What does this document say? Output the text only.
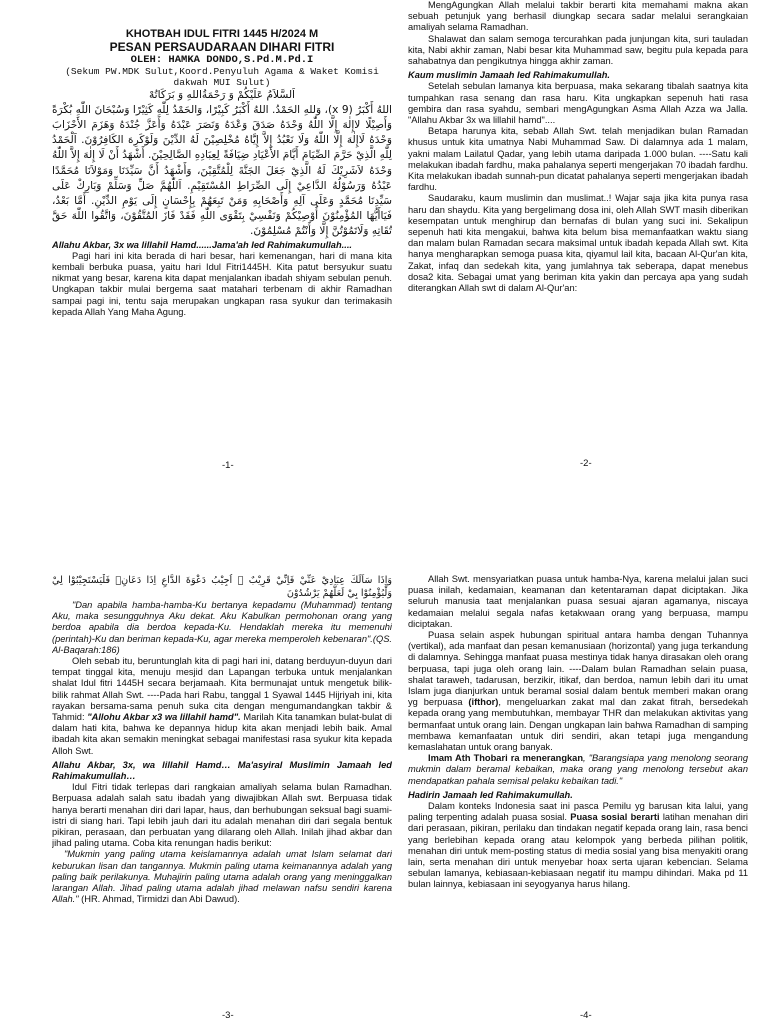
KHOTBAH IDUL FITRI 1445 H/2024 M
PESAN PERSAUDARAAN DIHARI FITRI
OLEH: HAMKA DONDO,S.Pd.M.Pd.I
(Sekum PW.MDK Sulut,Koord.Penyuluh Agama & Waket Komisi dakwah MUI Sulut)

اَلسَّلاَمُ عَلَيْكُمْ وَ رَحْمَةُاللهِ وَ بَرَكَاتُهْ

اللهُ أَكْبَرُ (9 x)، وَللهِ الحَمْدُ. اللهُ أَكْبَرُ كَبِيْرًا، وَالحَمْدُ لِلّٰهِ كَثِيْرًا وَسُبْحَانَ اللّٰهِ بُكْرَةً وَأَصِيْلًا لاإِلٰهَ إِلَّا اللّٰهُ وَحْدَهُ صَدَقَ وَعْدَهُ وَنَصَرَ عَبْدَهُ وَأَعَزَّ جُنْدَهُ وَهَزَمَ الأَحْزَابَ وَحْدَهُ لَاإِلٰهَ إِلَّا اللّٰهُ وَلَا نَعْبُدُ إِلاَّ إِيَّاهُ مُخْلِصِيْنَ لَهُ الدِّيْنَ وَلَوْكَرِهَ الكَافِرُوْنَ. اَلْحَمْدُ لِلّٰهِ الَّذِيْ حَرَّمَ الصِّيَامَ أَيَّامَ الأَعْيَادِ ضِيَافَةً لِعِبَادِهِ الصَّالِحِيْنَ. أَشْهَدُ أَنْ لَا إِلٰهَ إِلاَّ اللّٰهُ وَحْدَهُ لاَشَرِيْكَ لَهُ الَّذِيْ جَعَلَ الجَنَّةَ لِلْمُتَّقِيْنَ، وَأَشْهَدُ أَنَّ سَيِّدَنَا وَمَوْلاَنَا مُحَمَّدًا عَبْدُهُ وَرَسُوْلُهُ الدَّاعِيْ إِلَى الصِّرَاطِ المُسْتَقِيْمِ. اَللّٰهُمَّ صَلِّ وَسَلِّمْ وَبَارِكْ عَلَى سَيِّدِنَا مُحَمَّدٍ وَعَلَى آلِهِ وَأَصْحَابِهِ وَمَنْ تَبِعَهُمْ بِإِحْسَانٍ إِلَى يَوْمِ الدِّيْنِ. أَمَّا بَعْدُ، فَيَاأَيُّهَا المُؤْمِنُوْنَ أُوْصِيْكُمْ وَنَفْسِيْ بِتَقْوَى اللّٰهِ فَقَدْ فَازَ المُتَّقُوْنَ، وَاتَّقُوا اللّٰهَ حَقَّ تُقَاتِهِ وَلَاتَمُوْتُنَّ إِلَّا وَأَنْتُمْ مُسْلِمُوْنَ.

Allahu Akbar, 3x wa lillahil Hamd......Jama'ah Ied Rahimakumullah....

Pagi hari ini kita berada di hari besar, hari kemenangan, hari di mana kita kembali berbuka puasa, yaitu hari Idul Fitri1445H. Kita patut bersyukur suatu nikmat yang besar, karena kita dapat menjalankan ibadah shiyam sebulan penuh. Ungkapan takbir mulai bergema saat matahari terbenam di akhir Ramadhan sampai pagi ini, tentu saja merupakan ungkapan rasa syukur dan terimakasih kepada Allah Yang Maha Agung.

-1-

MengAgungkan Allah melalui takbir berarti kita memahami makna akan sebuah petunjuk yang berhasil diungkap secara sadar melalui serangkaian amaliyah selama Ramadhan.

Shalawat dan salam semoga tercurahkan pada junjungan kita, suri tauladan kita, Nabi akhir zaman, Nabi besar kita Muhammad saw, begitu pula kepada para sahabatnya dan pengikutnya hingga akhir zaman.

Kaum muslimin Jamaah Ied Rahimakumullah.

Setelah sebulan lamanya kita berpuasa, maka sekarang tibalah saatnya kita tumpahkan rasa senang dan rasa haru. Kita ungkapkan sepenuh hati rasa gembira dan rasa syahdu, sembari mengAgungkan Asma Allah Azza wa Jalla. "Allahu Akbar 3x wa lillahil hamd"....

Betapa harunya kita, sebab Allah Swt. telah menjadikan bulan Ramadan khusus untuk kita umatnya Nabi Muhammad Saw. Di dalamnya ada 1 malam, yakni malam Lailatul Qadar, yang lebih utama daripada 1.000 bulan. ----Satu kali melakukan ibadah fardhu, maka pahalanya seperti mengerjakan 70 ibadah fardhu. Kita melakukan ibadah sunnah-pun dicatat pahalanya seperti mengerjakan ibadah fardhu.

Saudaraku, kaum muslimin dan muslimat..! Wajar saja jika kita punya rasa haru dan shaydu. Kita yang bergelimang dosa ini, oleh Allah SWT masih diberikan kesempatan untuk menghirup dan bernafas di bulan yang suci ini. Sekalipun sepenuh hati kita mengakui, bahwa kita belum bisa memanfaatkan waktu siang dan malam bulan Ramadan secara maksimal untuk ibadah kepada Allah swt. Kita hanya mengharapkan semoga puasa kita, qiyamul lail kita, bacaan Al-Qur'an kita, Zakat, infaq dan sedekah kita, yang jumlahnya tak seberapa, dapat menebus dosa2 kita. Sebagai umat yang beriman kita yakin dan percaya apa yang sudah diterangkan Allah swt di dalam Al-Qur'an:

-2-

وَاِذَا سَاَلَكَ عِبَادِيْ عَنِّيْ فَاِنِّيْ قَرِيْبٌ ۗ اُجِيْبُ دَعْوَةَ الدَّاعِ اِذَا دَعَانِۙ فَلْيَسْتَجِيْبُوْا لِيْ وَلْيُؤْمِنُوْا بِيْ لَعَلَّهُمْ يَرْشُدُوْنَ

"Dan apabila hamba-hamba-Ku bertanya kepadamu (Muhammad) tentang Aku, maka sesungguhnya Aku dekat. Aku Kabulkan permohonan orang yang berdoa apabila dia berdoa kepada-Ku. Hendaklah mereka itu memenuhi (perintah)-Ku dan beriman kepada-Ku, agar mereka memperoleh kebenaran".(QS. Al-Baqarah:186)

Oleh sebab itu, beruntunglah kita di pagi hari ini, datang berduyun-duyun dari tempat tinggal kita, menuju mesjid dan Lapangan terbuka untuk menjalankan shalat Idul fitri 1445H secara berjamaah. Kita bermunajat untuk mengetuk bilik-bilik rahmat Allah Swt. ----Pada hari Rabu, tanggal 1 Syawal 1445 Hijriyah ini, kita rayakan bersama-sama penuh suka cita dengan mengumandangkan takbir & Tahmid: "Allohu Akbar x3 wa lillahil hamd". Marilah Kita tanamkan bulat-bulat di dalam hati kita, bahwa ke depannya hidup kita akan menjadi lebih baik. Amal ibadah kita akan semakin meningkat sebagai manifestasi rasa syukur kita kepada Alloh Swt.

Allahu Akbar, 3x, wa lillahil Hamd… Ma'asyiral Muslimin Jamaah Ied Rahimakumullah…

Idul Fitri tidak terlepas dari rangkaian amaliyah selama bulan Ramadhan. Berpuasa adalah salah satu ibadah yang diwajibkan Allah swt. Berpuasa tidak hanya berarti menahan diri dari lapar, haus, dan berhubungan seksual bagi suami-istri di siang hari. Tapi lebih jauh dari itu adalah menahan diri dari segala bentuk pikiran, perasaan, dan perbuatan yang dilarang oleh Allah. Inilah jihad akbar dan jihad paling utama. Coba kita renungan hadis berikut:

"Mukmin yang paling utama keislamannya adalah umat Islam selamat dari keburukan lisan dan tangannya. Mukmin paling utama keimanannya adalah yang paling baik perilakunya. Muhajirin paling utama adalah orang yang meninggalkan larangan Allah. Jihad paling utama adalah jihad melawan nafsu sendiri karena Allah." (HR. Ahmad, Tirmidzi dan Abi Dawud).

-3-

Allah Swt. mensyariatkan puasa untuk hamba-Nya, karena melalui jalan suci puasa inilah, kedamaian, keamanan dan ketentaraman dapat diciptakan. Jika seluruh manusia taat menjalankan puasa sesuai ajaran agamanya, niscaya kedamaian melalui segala nafas ketakwaan orang yang berpuasa, mampu diciptakan.

Puasa selain aspek hubungan spiritual antara hamba dengan Tuhannya (vertikal), ada manfaat dan pesan kemanusiaan (horizontal) yang juga terkandung di dalamnya. Sehingga manfaat puasa mestinya tidak hanya dirasakan oleh orang berpuasa, tapi juga oleh orang lain. ----Dalam bulan Ramadhan selain puasa, shalat taraweh, tadarusan, berzikir, itikaf, dan berdoa, namun lebih dari itu umat Islam juga dianjurkan untuk beramal sosial dalam bentuk memberi makan orang yg berpuasa (ifthor), mengeluarkan zakat mal dan zakat fitrah, bersedekah kepada orang yang membutuhkan, membayar THR dan melakukan aktivitas yang bermanfaat untuk orang lain. Dengan ungkapan lain bahwa Ramadhan di samping membawa kemanfaatan untuk diri sendiri, akan tetapi juga mengandung kemaslahatan untuk orang banyak.

Imam Ath Thobari ra menerangkan, "Barangsiapa yang menolong seorang mukmin dalam beramal kebaikan, maka orang yang menolong tersebut akan mendapatkan pahala semisal pelaku kebaikan tadi."

Hadirin Jamaah Ied Rahimakumullah.

Dalam konteks Indonesia saat ini pasca Pemilu yg barusan kita lalui, yang paling terpenting adalah puasa sosial. Puasa sosial berarti latihan menahan diri dari perasaan, pikiran, perilaku dan tindakan negatif kepada orang lain, rasa benci yang berlebihan kepada orang atau kelompok yang berbeda pilihan politik, menahan diri untuk mem-posting status di media sosial yang bisa menyakiti orang lain, serta menahan diri untuk menyebar hoax serta ujaran kebencian. Selama sebulan lamanya, kebiasaan-kebiasaan negatif itu mampu dihindari. Maka pd 11 bulan lainnya, kebiasaan ini seyogyanya harus hilang.

-4-
